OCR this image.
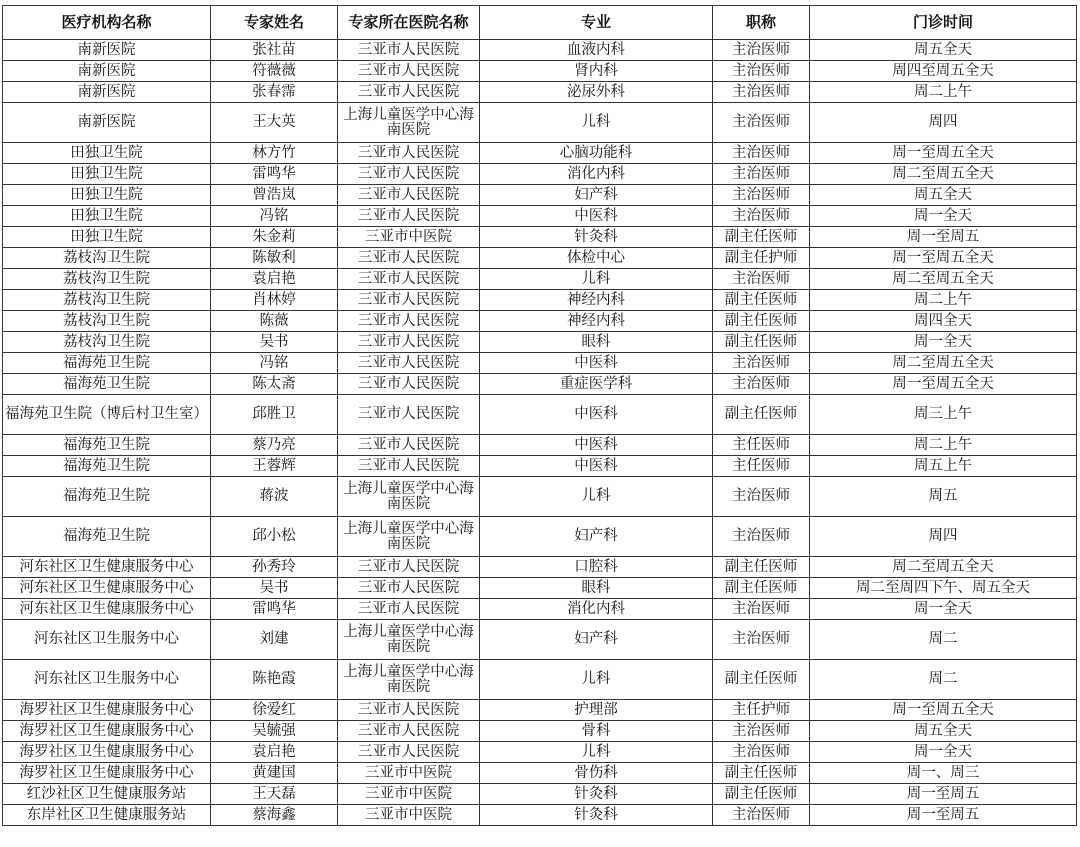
医疗机构名称	专家姓名	专家所在医院名称	专业	职称	门诊时间
南新医院	张社苗	三亚市人民医院	血液内科	主治医师	周五全天
南新医院	符薇薇	三亚市人民医院	肾内科	主治医师	周四至周五全天
南新医院	张春霈	三亚市人民医院	泌尿外科	主治医师	周二上午
南新医院	王大英	上海儿童医学中心海南医院	儿科	主治医师	周四
田独卫生院	林方竹	三亚市人民医院	心脑功能科	主治医师	周一至周五全天
田独卫生院	雷鸣华	三亚市人民医院	消化内科	主治医师	周二至周五全天
田独卫生院	曾浩岚	三亚市人民医院	妇产科	主治医师	周五全天
田独卫生院	冯铭	三亚市人民医院	中医科	主治医师	周一全天
田独卫生院	朱金莉	三亚市中医院	针灸科	副主任医师	周一至周五
荔枝沟卫生院	陈敏利	三亚市人民医院	体检中心	副主任护师	周一至周五全天
荔枝沟卫生院	袁启艳	三亚市人民医院	儿科	主治医师	周二至周五全天
荔枝沟卫生院	肖林婷	三亚市人民医院	神经内科	副主任医师	周二上午
荔枝沟卫生院	陈薇	三亚市人民医院	神经内科	副主任医师	周四全天
荔枝沟卫生院	吴书	三亚市人民医院	眼科	副主任医师	周一全天
福海苑卫生院	冯铭	三亚市人民医院	中医科	主治医师	周二至周五全天
福海苑卫生院	陈太斋	三亚市人民医院	重症医学科	主治医师	周一至周五全天
福海苑卫生院（博后村卫生室）	邱胜卫	三亚市人民医院	中医科	副主任医师	周三上午
福海苑卫生院	蔡乃亮	三亚市人民医院	中医科	主任医师	周二上午
福海苑卫生院	王蓉辉	三亚市人民医院	中医科	主任医师	周五上午
福海苑卫生院	蒋波	上海儿童医学中心海南医院	儿科	主治医师	周五
福海苑卫生院	邱小松	上海儿童医学中心海南医院	妇产科	主治医师	周四
河东社区卫生健康服务中心	孙秀玲	三亚市人民医院	口腔科	副主任医师	周二至周五全天
河东社区卫生健康服务中心	吴书	三亚市人民医院	眼科	副主任医师	周二至周四下午、周五全天
河东社区卫生健康服务中心	雷鸣华	三亚市人民医院	消化内科	主治医师	周一全天
河东社区卫生服务中心	刘建	上海儿童医学中心海南医院	妇产科	主治医师	周二
河东社区卫生服务中心	陈艳霞	上海儿童医学中心海南医院	儿科	副主任医师	周二
海罗社区卫生健康服务中心	徐爱红	三亚市人民医院	护理部	主任护师	周一至周五全天
海罗社区卫生健康服务中心	吴毓强	三亚市人民医院	骨科	主治医师	周五全天
海罗社区卫生健康服务中心	袁启艳	三亚市人民医院	儿科	主治医师	周一全天
海罗社区卫生健康服务中心	黄建国	三亚市中医院	骨伤科	副主任医师	周一、周三
红沙社区卫生健康服务站	王天磊	三亚市中医院	针灸科	副主任医师	周一至周五
东岸社区卫生健康服务站	蔡海鑫	三亚市中医院	针灸科	主治医师	周一至周五
